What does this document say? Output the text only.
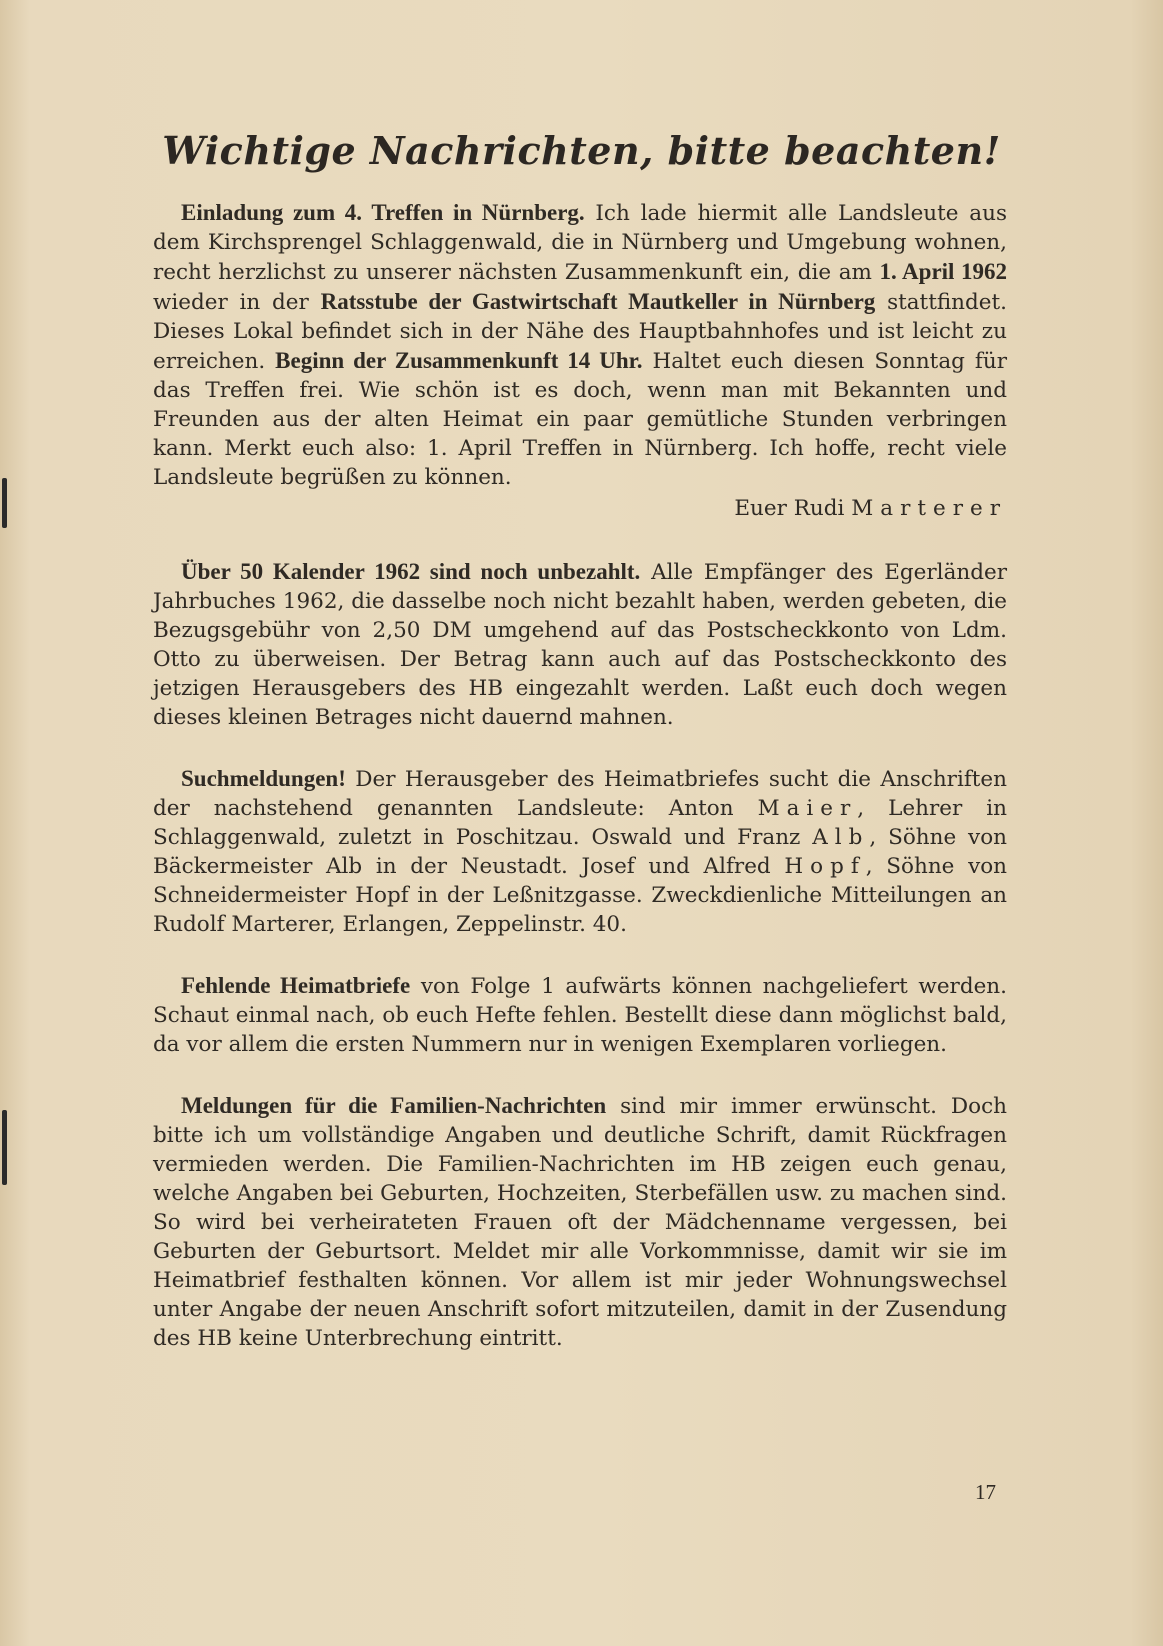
Wichtige Nachrichten, bitte beachten!

Einladung zum 4. Treffen in Nürnberg. Ich lade hiermit alle Landsleute aus dem Kirchsprengel Schlaggenwald, die in Nürnberg und Umgebung wohnen, recht herzlichst zu unserer nächsten Zusammenkunft ein, die am 1. April 1962 wieder in der Ratsstube der Gastwirtschaft Mautkeller in Nürnberg stattfindet. Dieses Lokal befindet sich in der Nähe des Hauptbahnhofes und ist leicht zu erreichen. Beginn der Zusammenkunft 14 Uhr. Haltet euch diesen Sonntag für das Treffen frei. Wie schön ist es doch, wenn man mit Bekannten und Freunden aus der alten Heimat ein paar gemütliche Stunden verbringen kann. Merkt euch also: 1. April Treffen in Nürnberg. Ich hoffe, recht viele Landsleute begrüßen zu können.

Euer Rudi Marterer

Über 50 Kalender 1962 sind noch unbezahlt. Alle Empfänger des Egerländer Jahrbuches 1962, die dasselbe noch nicht bezahlt haben, werden gebeten, die Bezugsgebühr von 2,50 DM umgehend auf das Postscheckkonto von Ldm. Otto zu überweisen. Der Betrag kann auch auf das Postscheckkonto des jetzigen Herausgebers des HB eingezahlt werden. Laßt euch doch wegen dieses kleinen Betrages nicht dauernd mahnen.

Suchmeldungen! Der Herausgeber des Heimatbriefes sucht die Anschriften der nachstehend genannten Landsleute: Anton Maier, Lehrer in Schlaggenwald, zuletzt in Poschitzau. Oswald und Franz Alb, Söhne von Bäckermeister Alb in der Neustadt. Josef und Alfred Hopf, Söhne von Schneidermeister Hopf in der Leßnitzgasse. Zweckdienliche Mitteilungen an Rudolf Marterer, Erlangen, Zeppelinstr. 40.

Fehlende Heimatbriefe von Folge 1 aufwärts können nachgeliefert werden. Schaut einmal nach, ob euch Hefte fehlen. Bestellt diese dann möglichst bald, da vor allem die ersten Nummern nur in wenigen Exemplaren vorliegen.

Meldungen für die Familien-Nachrichten sind mir immer erwünscht. Doch bitte ich um vollständige Angaben und deutliche Schrift, damit Rückfragen vermieden werden. Die Familien-Nachrichten im HB zeigen euch genau, welche Angaben bei Geburten, Hochzeiten, Sterbefällen usw. zu machen sind. So wird bei verheirateten Frauen oft der Mädchenname vergessen, bei Geburten der Geburtsort. Meldet mir alle Vorkommnisse, damit wir sie im Heimatbrief festhalten können. Vor allem ist mir jeder Wohnungswechsel unter Angabe der neuen Anschrift sofort mitzuteilen, damit in der Zusendung des HB keine Unterbrechung eintritt.

17
